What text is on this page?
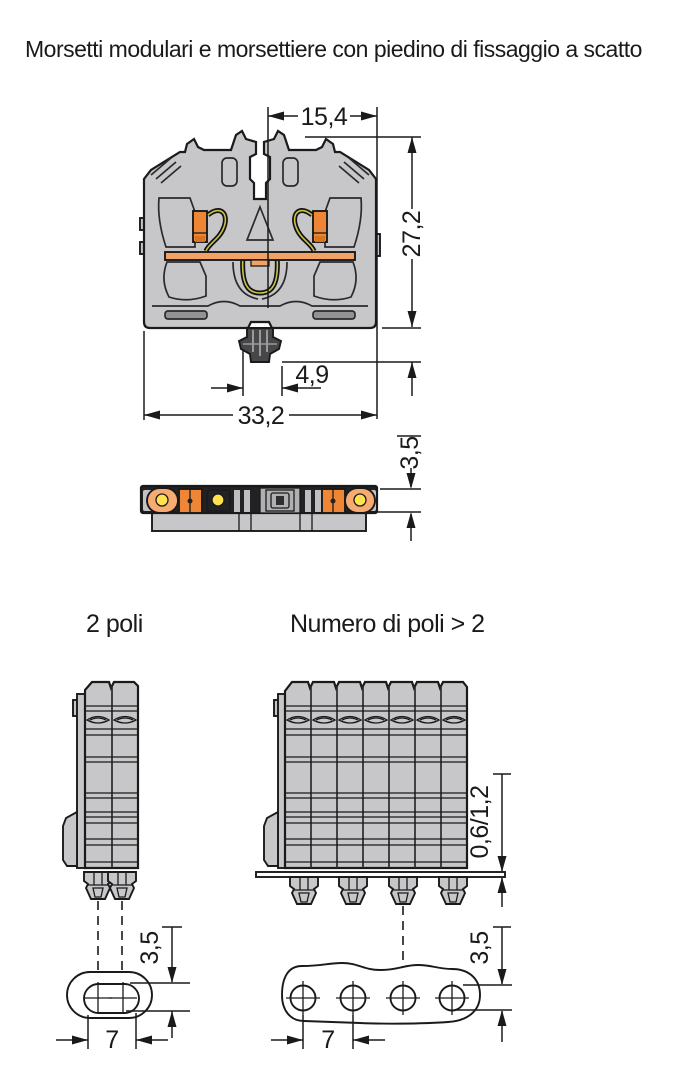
Morsetti modulari e morsettiere con piedino di fissaggio a scatto
15,4
27,2
4,9
33,2
3,5
2 poli	Numero di poli > 2
3,5
7
0,6/1,2
3,5
7
